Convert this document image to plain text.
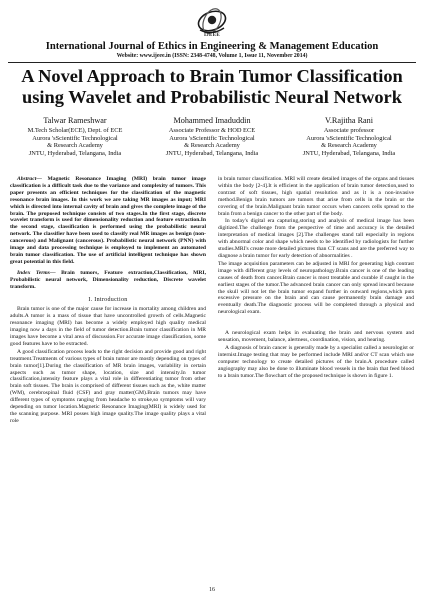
IJEEE
International Journal of Ethics in Engineering & Management Education
Website: www.ijeee.in (ISSN: 2348-4748, Volume 1, Issue 11, November 2014)
A Novel Approach to Brain Tumor Classification
using Wavelet and Probabilistic Neural Network
Talwar Rameshwar
M.Tech Scholar(ECE), Dept. of ECE
Aurora 'sScientific Technological
& Research Academy
JNTU, Hyderabad, Telangana, India
Mohammed Imaduddin
Associate Professor & HOD ECE
Aurora 'sScientific Technological
& Research Academy
JNTU, Hyderabad, Telangana, India
V.Rajitha Rani
Associate professor
Aurora 'sScientific Technological
& Research Academy
JNTU, Hyderabad, Telangana, India

Abstract— Magnetic Resonance Imaging (MRI) brain tumor image classification is a difficult task due to the variance and complexity of tumors. This paper presents an efficient techniques for the classification of the magnetic resonance brain images. In this work we are taking MR images as input; MRI which is directed into internal cavity of brain and gives the complete image of the brain. The proposed technique consists of two stages.In the first stage, discrete wavelet transform is used for dimensionality reduction and feature extraction.In the second stage, classification is performed using the probabilistic neural network. The classifier have been used to classify real MR images as benign (non-cancerous) and Malignant (cancerous). Probabilistic neural network (PNN) with image and data processing technique is employed to implement an automated brain tumor classification. The use of artificial intelligent technique has shown great potential in this field.

Index Terms— Brain tumors, Feature extraction,Classification, MRI, Probabilistic neural network, Dimensionality reduction, Discrete wavelet transform.

I. Introduction

Brain tumor is one of the major cause for increase in mortality among children and adults.A tumor is a mass of tissue that have uncontrolled growth of cells.Magnetic resonance imaging (MRI) has become a widely employed high quality medical imaging now a days in the field of tumor detection.Brain tumor classification in MR images have become a vital area of discussion.For accurate image classification, some good features have to be extracted.

A good classification process leads to the right decision and provide good and right treatment.Treatments of various types of brain tumor are mostly depending on types of brain tumor[1].During the classification of MR brain images, variability in certain aspects such as tumor shape, location, size and intensity.In tumor classification,intensity feature plays a vital role in differentiating tumor from other brain soft tissues. The brain is comprised of different tissues such as the, white matter (WM), cerebrospinal fluid (CSF) and gray matter(GM).Brain tumors may have different types of symptoms ranging from headache to stroke,so symptoms will vary depending on tumor location.Magnetic Resonance Imaging(MRI) is widely used for the scanning purpose. MRI posses high image quality.The image quality plays a vital role

in brain tumor classification. MRI will create detailed images of the organs and tissues within the body [2-4].It is efficient in the application of brain tumor detection,used to contrast of soft tissues, high spatial resolution and as it is a non-invasive method.Benign brain tumors are tumors that arise from cells in the brain or the covering of the brain.Malignant brain tumor occurs when cancers cells spread to the brain from a benign cancer to the other part of the body.

In today's digital era capturing,storing and analysis of medical image has been digitized.The challenge from the perspective of time and accuracy is the detailed interpretation of medical images [2].The challenges stand tall especially in regions with abnormal color and shape which needs to be identified by radiologists for further studies.MRI's create more detailed pictures than CT scans and are the preferred way to diagnose a brain tumor for early detection of abnormalities .

The image acquisition parameters can be adjusted in MRI for generating high contrast image with different gray levels of neuropathology.Brain cancer is one of the leading causes of death from cancer.Brain cancer is most treatable and curable if caught in the earliest stages of the tumor.The advanced brain cancer can only spread inward because the skull will not let the brain tumor expand further in outward regions,which puts excessive pressure on the brain and can cause permanently brain damage and eventually death.The diagnostic process will be completed through a physical and neurological exam.

A neurological exam helps in evaluating the brain and nervous system and sensation, movement, balance, alertness, coordination, vision, and hearing.

A diagnosis of brain cancer is generally made by a specialist called a neurologist or internist.Image testing that may be performed include MRI and/or CT scan which use computer technology to create detailed pictures of the brain.A procedure called angiography may also be done to illuminate blood vessels in the brain that feed blood to a brain tumor.The flowchart of the proposed technique is shown in figure 1.

16
